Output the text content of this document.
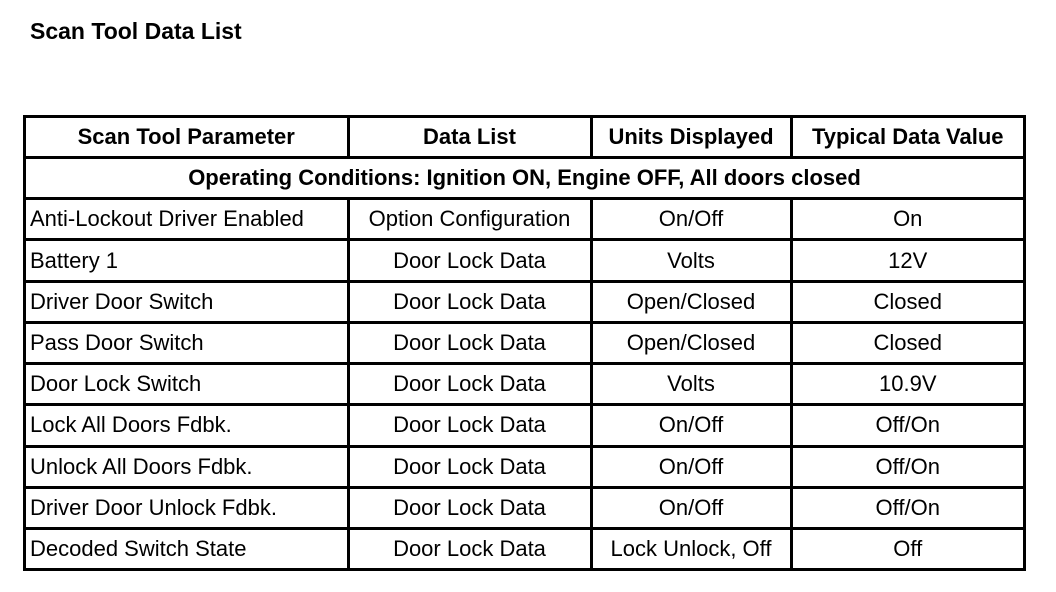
Scan Tool Data List
Scan Tool Parameter	Data List	Units Displayed	Typical Data Value
Operating Conditions: Ignition ON, Engine OFF, All doors closed			
Anti-Lockout Driver Enabled	Option Configuration	On/Off	On
Battery 1	Door Lock Data	Volts	12V
Driver Door Switch	Door Lock Data	Open/Closed	Closed
Pass Door Switch	Door Lock Data	Open/Closed	Closed
Door Lock Switch	Door Lock Data	Volts	10.9V
Lock All Doors Fdbk.	Door Lock Data	On/Off	Off/On
Unlock All Doors Fdbk.	Door Lock Data	On/Off	Off/On
Driver Door Unlock Fdbk.	Door Lock Data	On/Off	Off/On
Decoded Switch State	Door Lock Data	Lock Unlock, Off	Off
